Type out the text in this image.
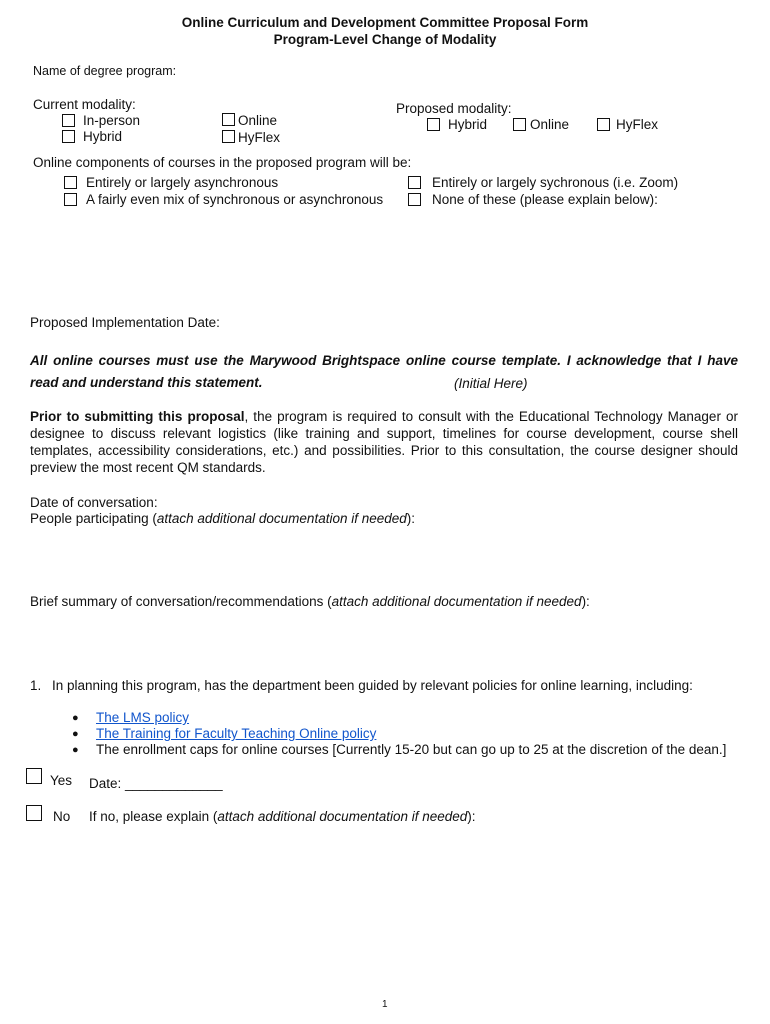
Online Curriculum and Development Committee Proposal Form
Program-Level Change of Modality
Name of degree program:
Current modality:
In-person
Hybrid
Online
HyFlex
Proposed modality:
Hybrid	Online	HyFlex
Online components of courses in the proposed program will be:
Entirely or largely asynchronous
A fairly even mix of synchronous or asynchronous
Entirely or largely sychronous (i.e. Zoom)
None of these (please explain below):
Proposed Implementation Date:
All online courses must use the Marywood Brightspace online course template. I acknowledge that I have read and understand this statement.	(Initial Here)
Prior to submitting this proposal, the program is required to consult with the Educational Technology Manager or designee to discuss relevant logistics (like training and support, timelines for course development, course shell templates, accessibility considerations, etc.) and possibilities. Prior to this consultation, the course designer should preview the most recent QM standards.
Date of conversation:
People participating (attach additional documentation if needed):
Brief summary of conversation/recommendations (attach additional documentation if needed):
1. In planning this program, has the department been guided by relevant policies for online learning, including:
● The LMS policy
● The Training for Faculty Teaching Online policy
● The enrollment caps for online courses [Currently 15-20 but can go up to 25 at the discretion of the dean.]
Yes Date: _____________
No If no, please explain (attach additional documentation if needed):
1
